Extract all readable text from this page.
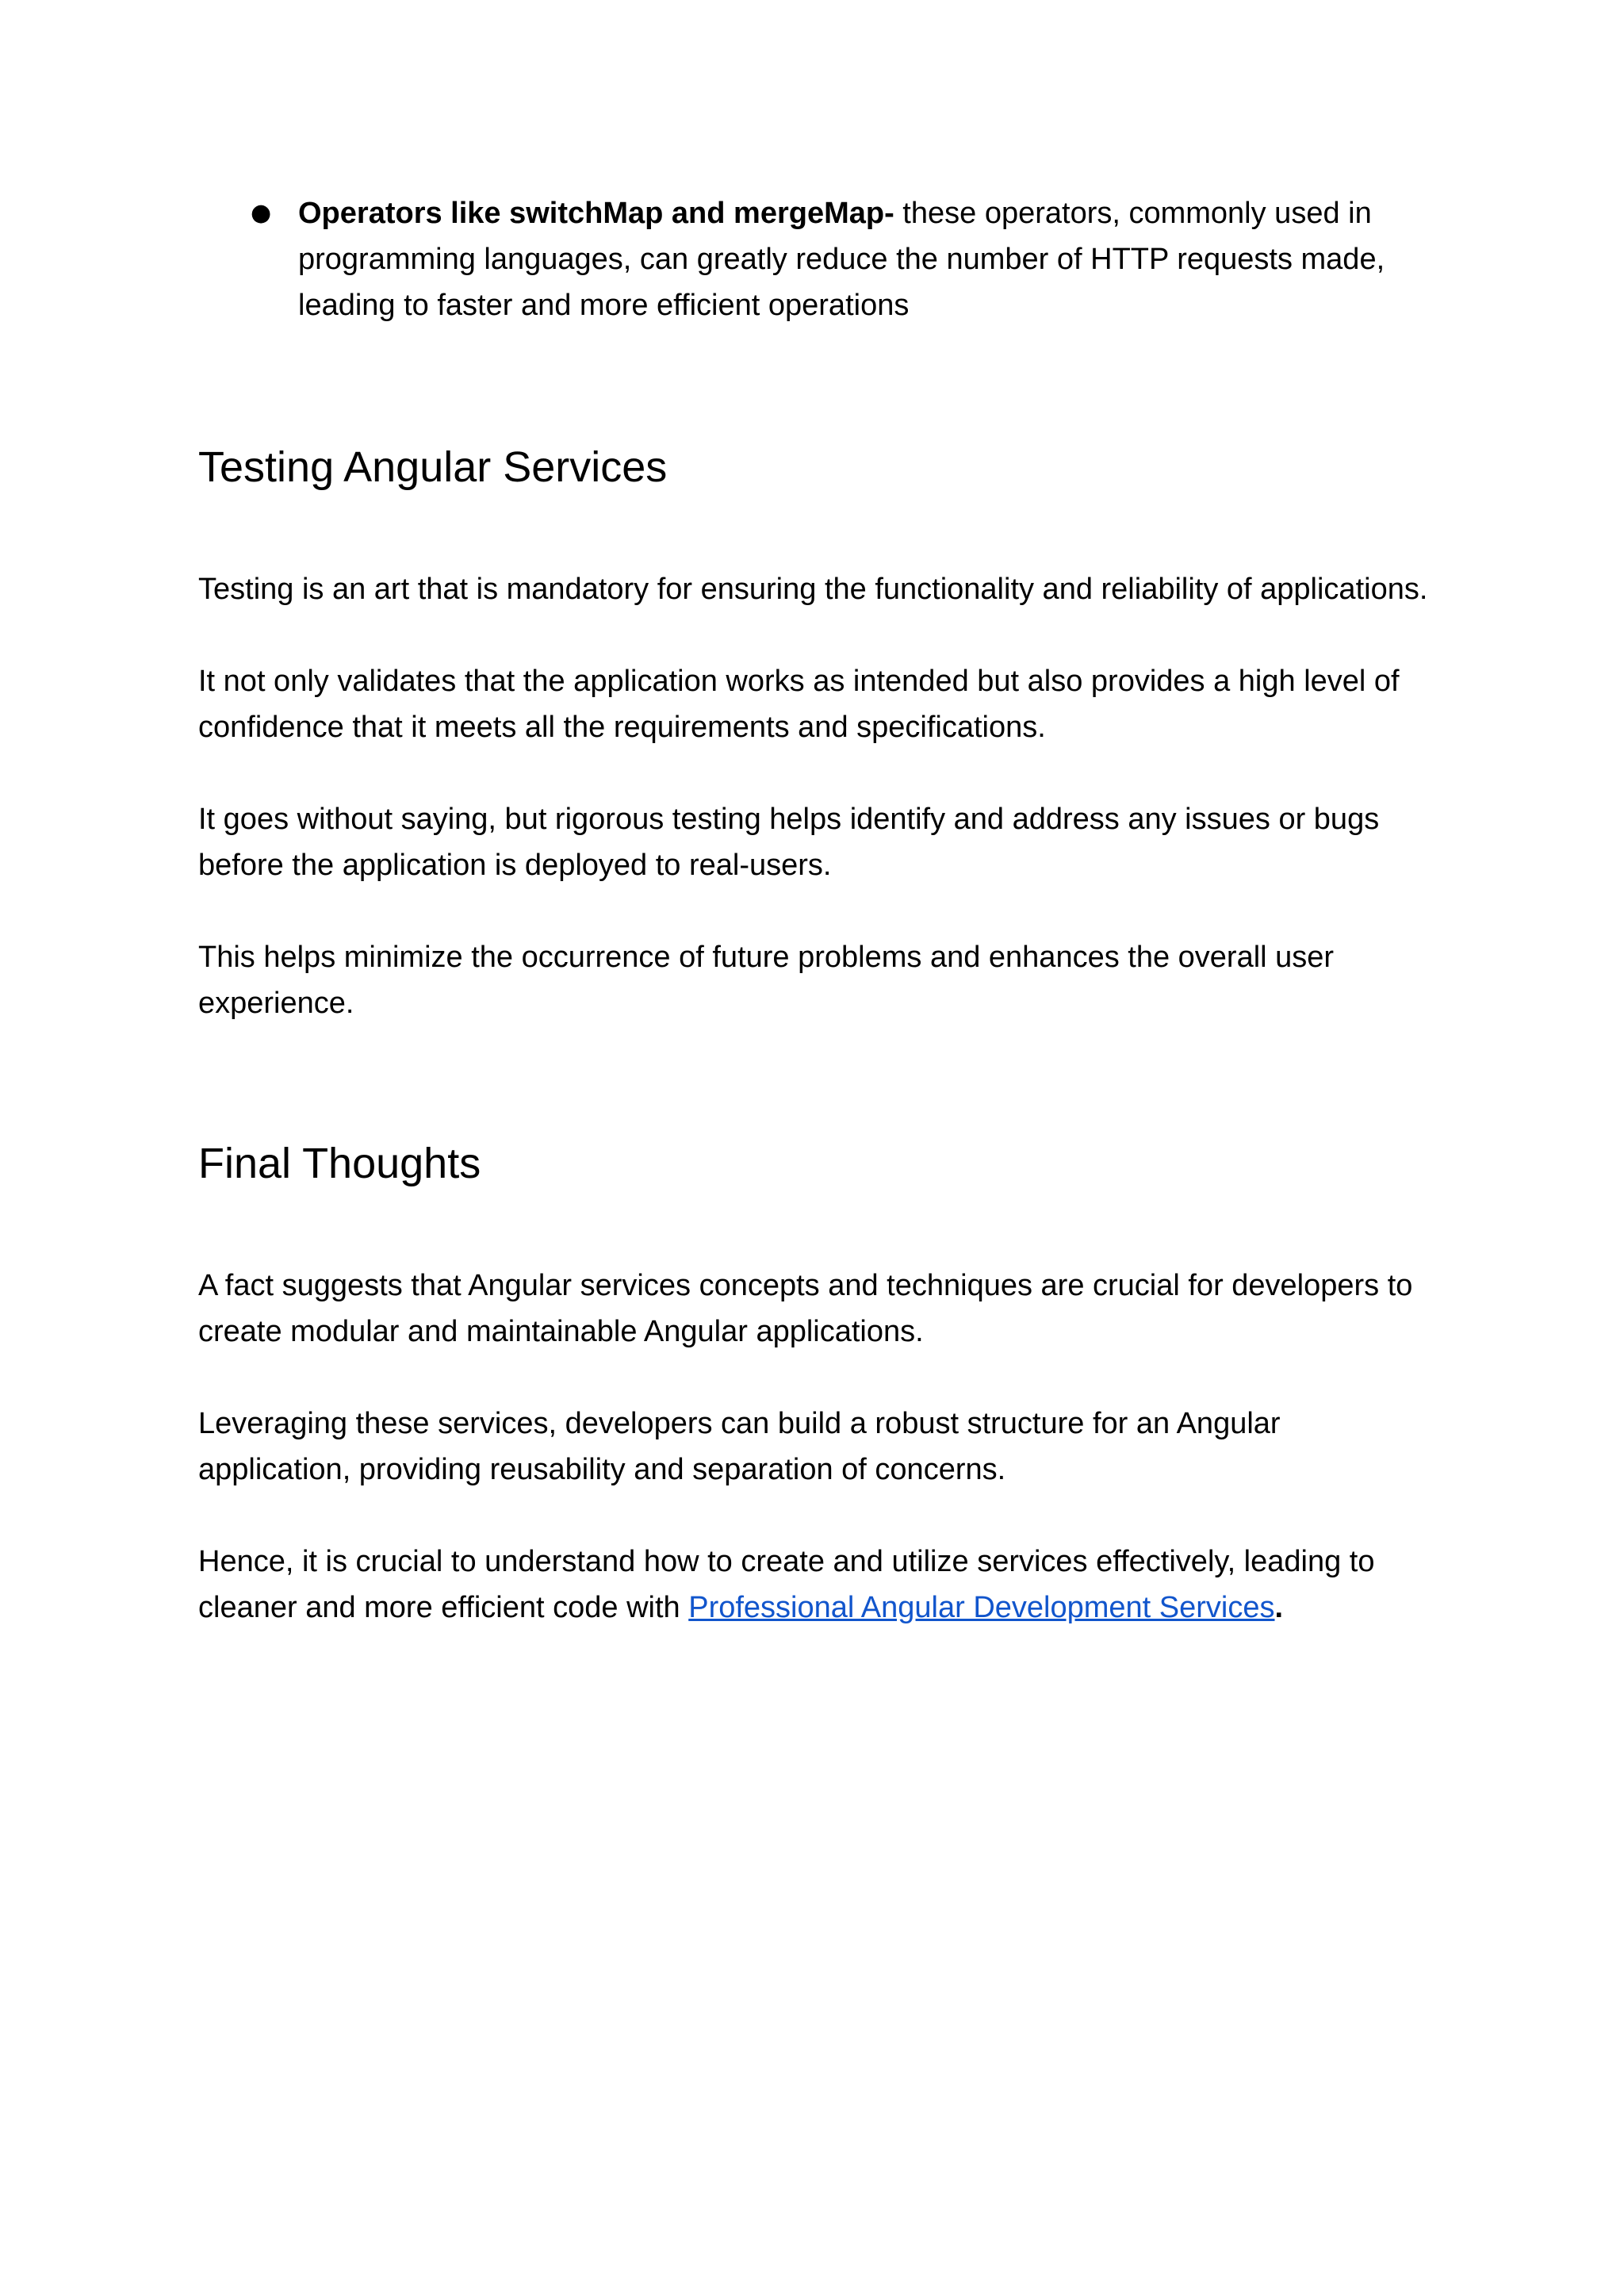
● Operators like switchMap and mergeMap- these operators, commonly used in programming languages, can greatly reduce the number of HTTP requests made, leading to faster and more efficient operations
Testing Angular Services

Testing is an art that is mandatory for ensuring the functionality and reliability of applications.

It not only validates that the application works as intended but also provides a high level of confidence that it meets all the requirements and specifications.

It goes without saying, but rigorous testing helps identify and address any issues or bugs before the application is deployed to real-users.

This helps minimize the occurrence of future problems and enhances the overall user experience.

Final Thoughts

A fact suggests that Angular services concepts and techniques are crucial for developers to create modular and maintainable Angular applications.

Leveraging these services, developers can build a robust structure for an Angular application, providing reusability and separation of concerns.

Hence, it is crucial to understand how to create and utilize services effectively, leading to cleaner and more efficient code with Professional Angular Development Services.
